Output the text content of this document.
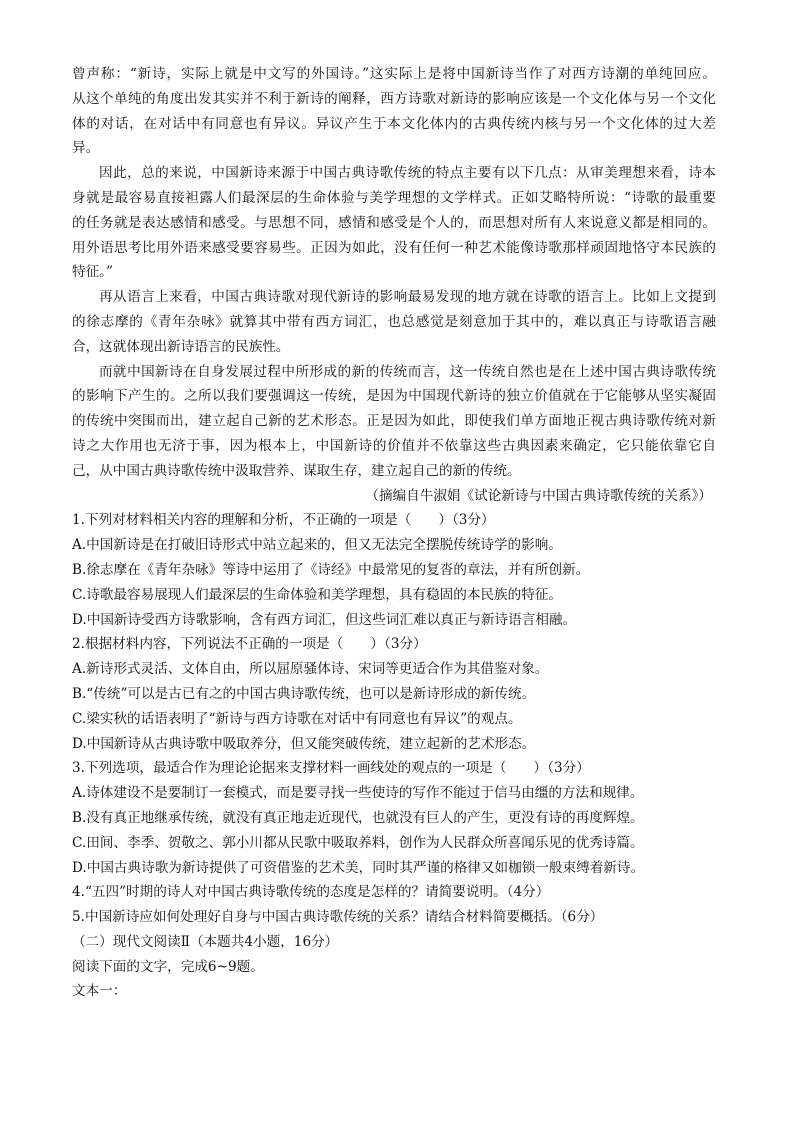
曾声称：“新诗，实际上就是中文写的外国诗。”这实际上是将中国新诗当作了对西方诗潮的单纯回应。
从这个单纯的角度出发其实并不利于新诗的阐释，西方诗歌对新诗的影响应该是一个文化体与另一个文化
体的对话，在对话中有同意也有异议。异议产生于本文化体内的古典传统内核与另一个文化体的过大差
异。
因此，总的来说，中国新诗来源于中国古典诗歌传统的特点主要有以下几点：从审美理想来看，诗本
身就是最容易直接袒露人们最深层的生命体验与美学理想的文学样式。正如艾略特所说：“诗歌的最重要
的任务就是表达感情和感受。与思想不同，感情和感受是个人的，而思想对所有人来说意义都是相同的。
用外语思考比用外语来感受要容易些。正因为如此，没有任何一种艺术能像诗歌那样顽固地恪守本民族的
特征。”
再从语言上来看，中国古典诗歌对现代新诗的影响最易发现的地方就在诗歌的语言上。比如上文提到
的徐志摩的《青年杂咏》就算其中带有西方词汇，也总感觉是刻意加于其中的，难以真正与诗歌语言融
合，这就体现出新诗语言的民族性。
而就中国新诗在自身发展过程中所形成的新的传统而言，这一传统自然也是在上述中国古典诗歌传统
的影响下产生的。之所以我们要强调这一传统，是因为中国现代新诗的独立价值就在于它能够从坚实凝固
的传统中突围而出，建立起自己新的艺术形态。正是因为如此，即使我们单方面地正视古典诗歌传统对新
诗之大作用也无济于事，因为根本上，中国新诗的价值并不依靠这些古典因素来确定，它只能依靠它自
己，从中国古典诗歌传统中汲取营养、谋取生存，建立起自己的新的传统。
（摘编自牛淑娟《试论新诗与中国古典诗歌传统的关系》）
1.下列对材料相关内容的理解和分析，不正确的一项是（　　）（3分）
A.中国新诗是在打破旧诗形式中站立起来的，但又无法完全摆脱传统诗学的影响。
B.徐志摩在《青年杂咏》等诗中运用了《诗经》中最常见的复沓的章法，并有所创新。
C.诗歌最容易展现人们最深层的生命体验和美学理想，具有稳固的本民族的特征。
D.中国新诗受西方诗歌影响，含有西方词汇，但这些词汇难以真正与新诗语言相融。
2.根据材料内容，下列说法不正确的一项是（　　）（3分）
A.新诗形式灵活、文体自由，所以屈原骚体诗、宋词等更适合作为其借鉴对象。
B.“传统”可以是古已有之的中国古典诗歌传统，也可以是新诗形成的新传统。
C.梁实秋的话语表明了“新诗与西方诗歌在对话中有同意也有异议”的观点。
D.中国新诗从古典诗歌中吸取养分，但又能突破传统，建立起新的艺术形态。
3.下列选项，最适合作为理论论据来支撑材料一画线处的观点的一项是（　　）（3分）
A.诗体建设不是要制订一套模式，而是要寻找一些使诗的写作不能过于信马由缰的方法和规律。
B.没有真正地继承传统，就没有真正地走近现代，也就没有巨人的产生，更没有诗的再度辉煌。
C.田间、李季、贺敬之、郭小川都从民歌中吸取养料，创作为人民群众所喜闻乐见的优秀诗篇。
D.中国古典诗歌为新诗提供了可资借鉴的艺术美，同时其严谨的格律又如枷锁一般束缚着新诗。
4.“五四”时期的诗人对中国古典诗歌传统的态度是怎样的？请简要说明。（4分）
5.中国新诗应如何处理好自身与中国古典诗歌传统的关系？请结合材料简要概括。（6分）
（二）现代文阅读Ⅱ（本题共4小题，16分）
阅读下面的文字，完成6~9题。
文本一：
